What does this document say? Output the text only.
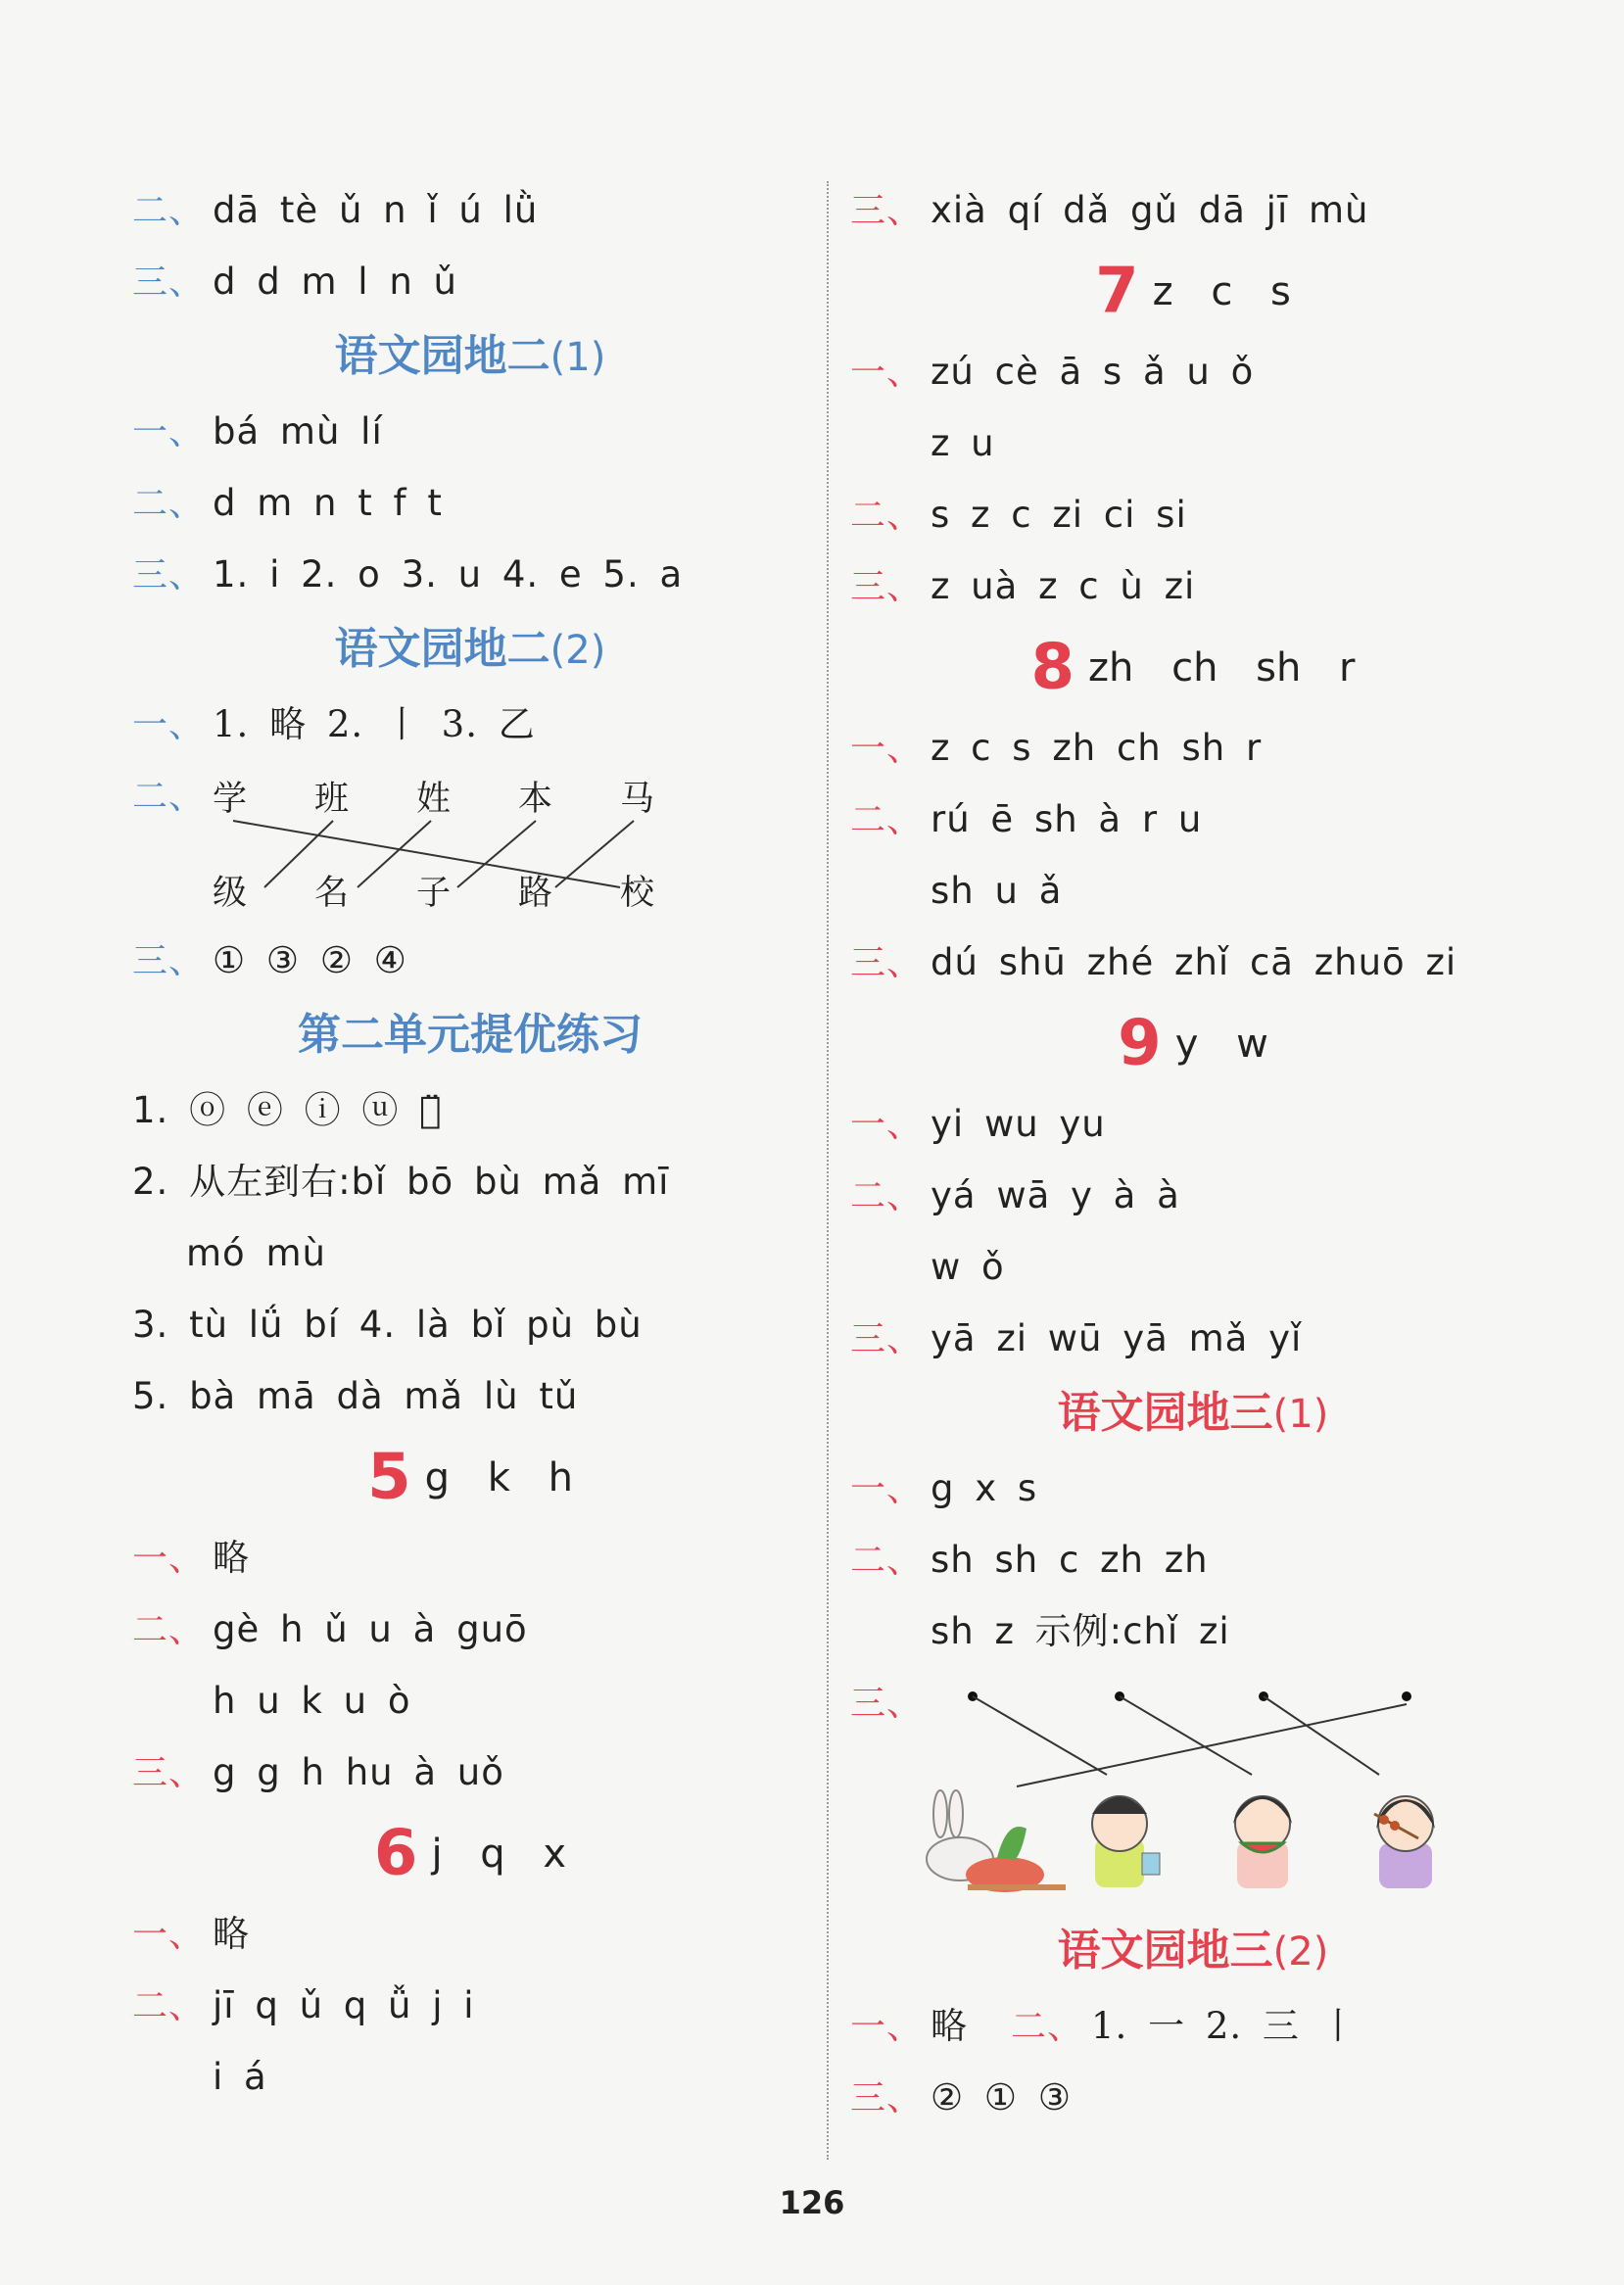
二、 dā tè ǔ n ǐ ú lǜ
三、 d d m l n ǔ
语文园地二(1)
一、 bá mù lí
二、 d m n t f t
三、 1. i 2. o 3. u 4. e 5. a
语文园地二(2)
一、 1. 略 2. 丨 3. 乙
二、 学 班 姓 本 马
级 名 子 路 校
三、 ① ③ ② ④
第二单元提优练习
1. ⓞ ⓔ ⓘ ⓤ ⓤ̈
2. 从左到右:bǐ bō bù mǎ mī
mó mù
3. tù lǘ bí 4. là bǐ pù bù
5. bà mā dà mǎ lù tǔ
5 g k h
一、 略
二、 gè h ǔ u à guō
h u k u ò
三、 g g h hu à uǒ
6 j q x
一、 略
二、 jī q ǔ q ǚ j i
i á
三、 xià qí dǎ gǔ dā jī mù
7 z c s
一、 zú cè ā s ǎ u ǒ
z u
二、 s z c zi ci si
三、 z uà z c ù zi
8 zh ch sh r
一、 z c s zh ch sh r
二、 rú ē sh à r u
sh u ǎ
三、 dú shū zhé zhǐ cā zhuō zi
9 y w
一、 yi wu yu
二、 yá wā y à à
w ǒ
三、 yā zi wū yā mǎ yǐ
语文园地三(1)
一、 g x s
二、 sh sh c zh zh
sh z 示例:chǐ zi
三、
语文园地三(2)
一、 略 二、 1. 一 2. 三 丨
三、 ② ① ③
126
